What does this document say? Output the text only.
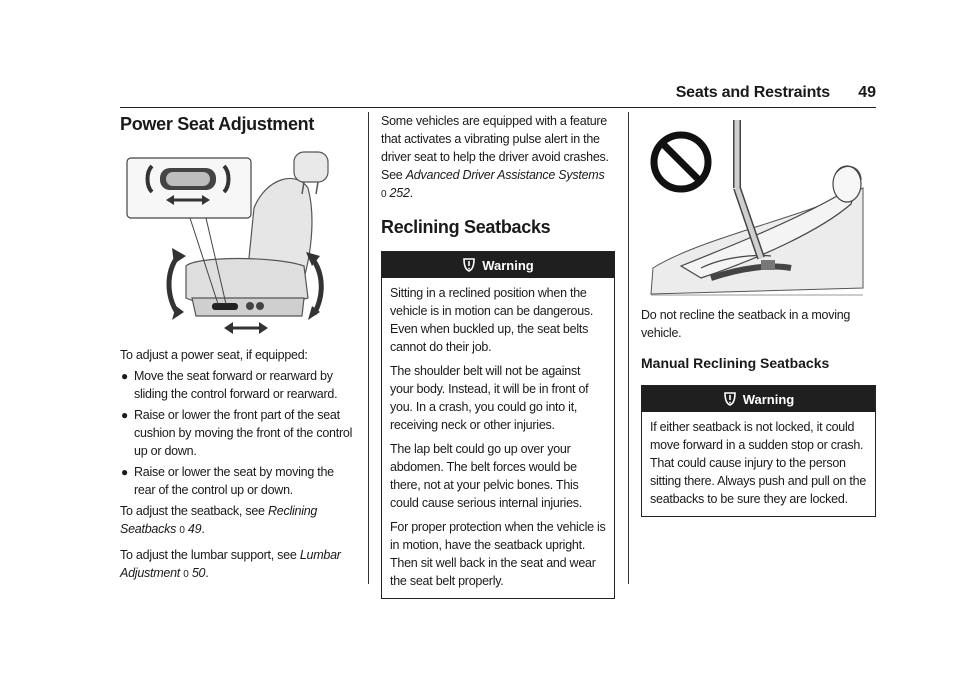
Seats and Restraints 49
Power Seat Adjustment

To adjust a power seat, if equipped:

● Move the seat forward or rearward by sliding the control forward or rearward.
● Raise or lower the front part of the seat cushion by moving the front of the control up or down.
● Raise or lower the seat by moving the rear of the control up or down.

To adjust the seatback, see Reclining Seatbacks 0 49.

To adjust the lumbar support, see Lumbar Adjustment 0 50.

Some vehicles are equipped with a feature that activates a vibrating pulse alert in the driver seat to help the driver avoid crashes. See Advanced Driver Assistance Systems
0 252.

Reclining Seatbacks
Warning

Sitting in a reclined position when the vehicle is in motion can be dangerous. Even when buckled up, the seat belts cannot do their job.

The shoulder belt will not be against your body. Instead, it will be in front of you. In a crash, you could go into it, receiving neck or other injuries.

The lap belt could go up over your abdomen. The belt forces would be there, not at your pelvic bones. This could cause serious internal injuries.

For proper protection when the vehicle is in motion, have the seatback upright. Then sit well back in the seat and wear the seat belt properly.

Do not recline the seatback in a moving vehicle.

Manual Reclining Seatbacks
Warning

If either seatback is not locked, it could move forward in a sudden stop or crash. That could cause injury to the person sitting there. Always push and pull on the seatbacks to be sure they are locked.
